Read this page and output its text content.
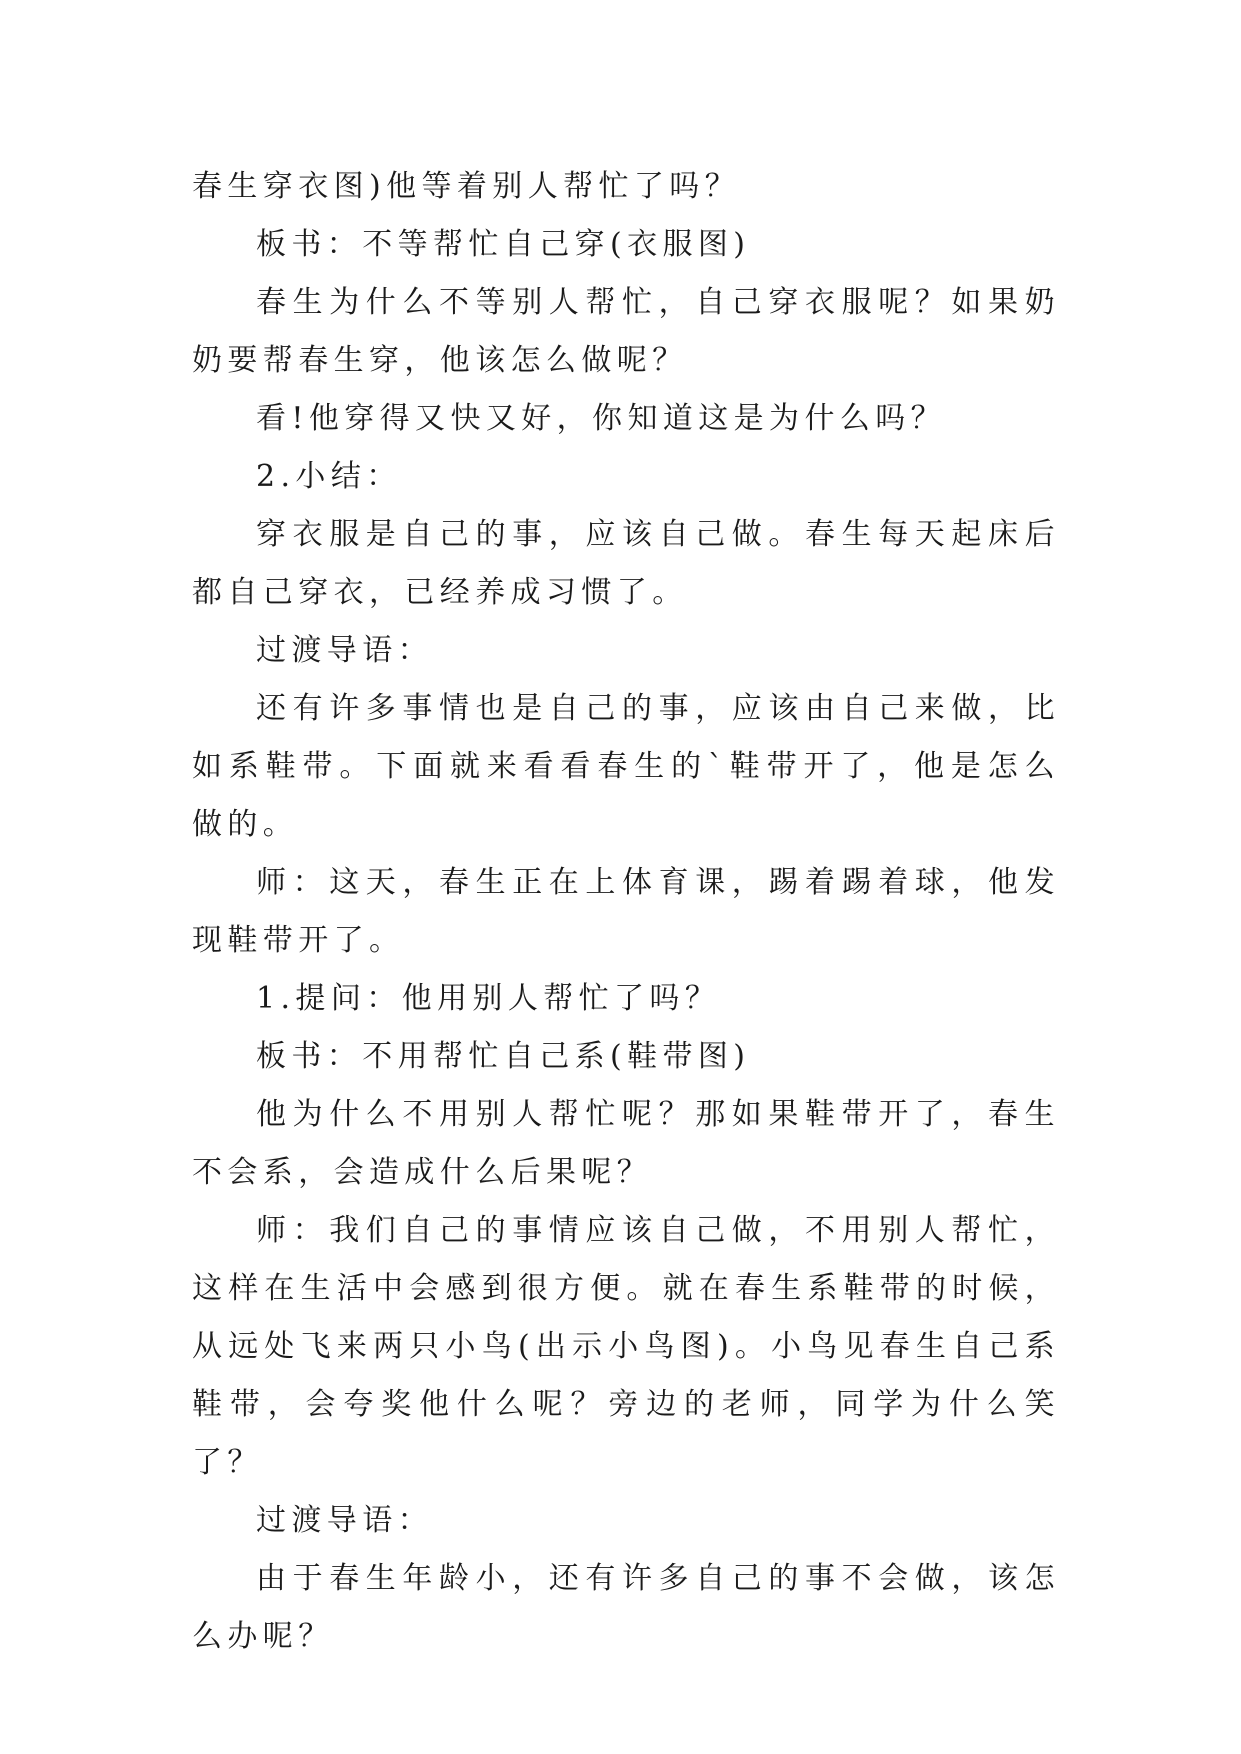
春生穿衣图)他等着别人帮忙了吗？

板书：不等帮忙自己穿(衣服图)

春生为什么不等别人帮忙，自己穿衣服呢？如果奶奶要帮春生穿，他该怎么做呢？

看!他穿得又快又好，你知道这是为什么吗？

2.小结：

穿衣服是自己的事，应该自己做。春生每天起床后都自己穿衣，已经养成习惯了。

过渡导语：

还有许多事情也是自己的事，应该由自己来做，比如系鞋带。下面就来看看春生的`鞋带开了，他是怎么做的。

师：这天，春生正在上体育课，踢着踢着球，他发现鞋带开了。

1.提问：他用别人帮忙了吗？

板书：不用帮忙自己系(鞋带图)

他为什么不用别人帮忙呢？那如果鞋带开了，春生不会系，会造成什么后果呢？

师：我们自己的事情应该自己做，不用别人帮忙，这样在生活中会感到很方便。就在春生系鞋带的时候，从远处飞来两只小鸟(出示小鸟图)。小鸟见春生自己系鞋带，会夸奖他什么呢？旁边的老师，同学为什么笑了？

过渡导语：

由于春生年龄小，还有许多自己的事不会做，该怎么办呢？
